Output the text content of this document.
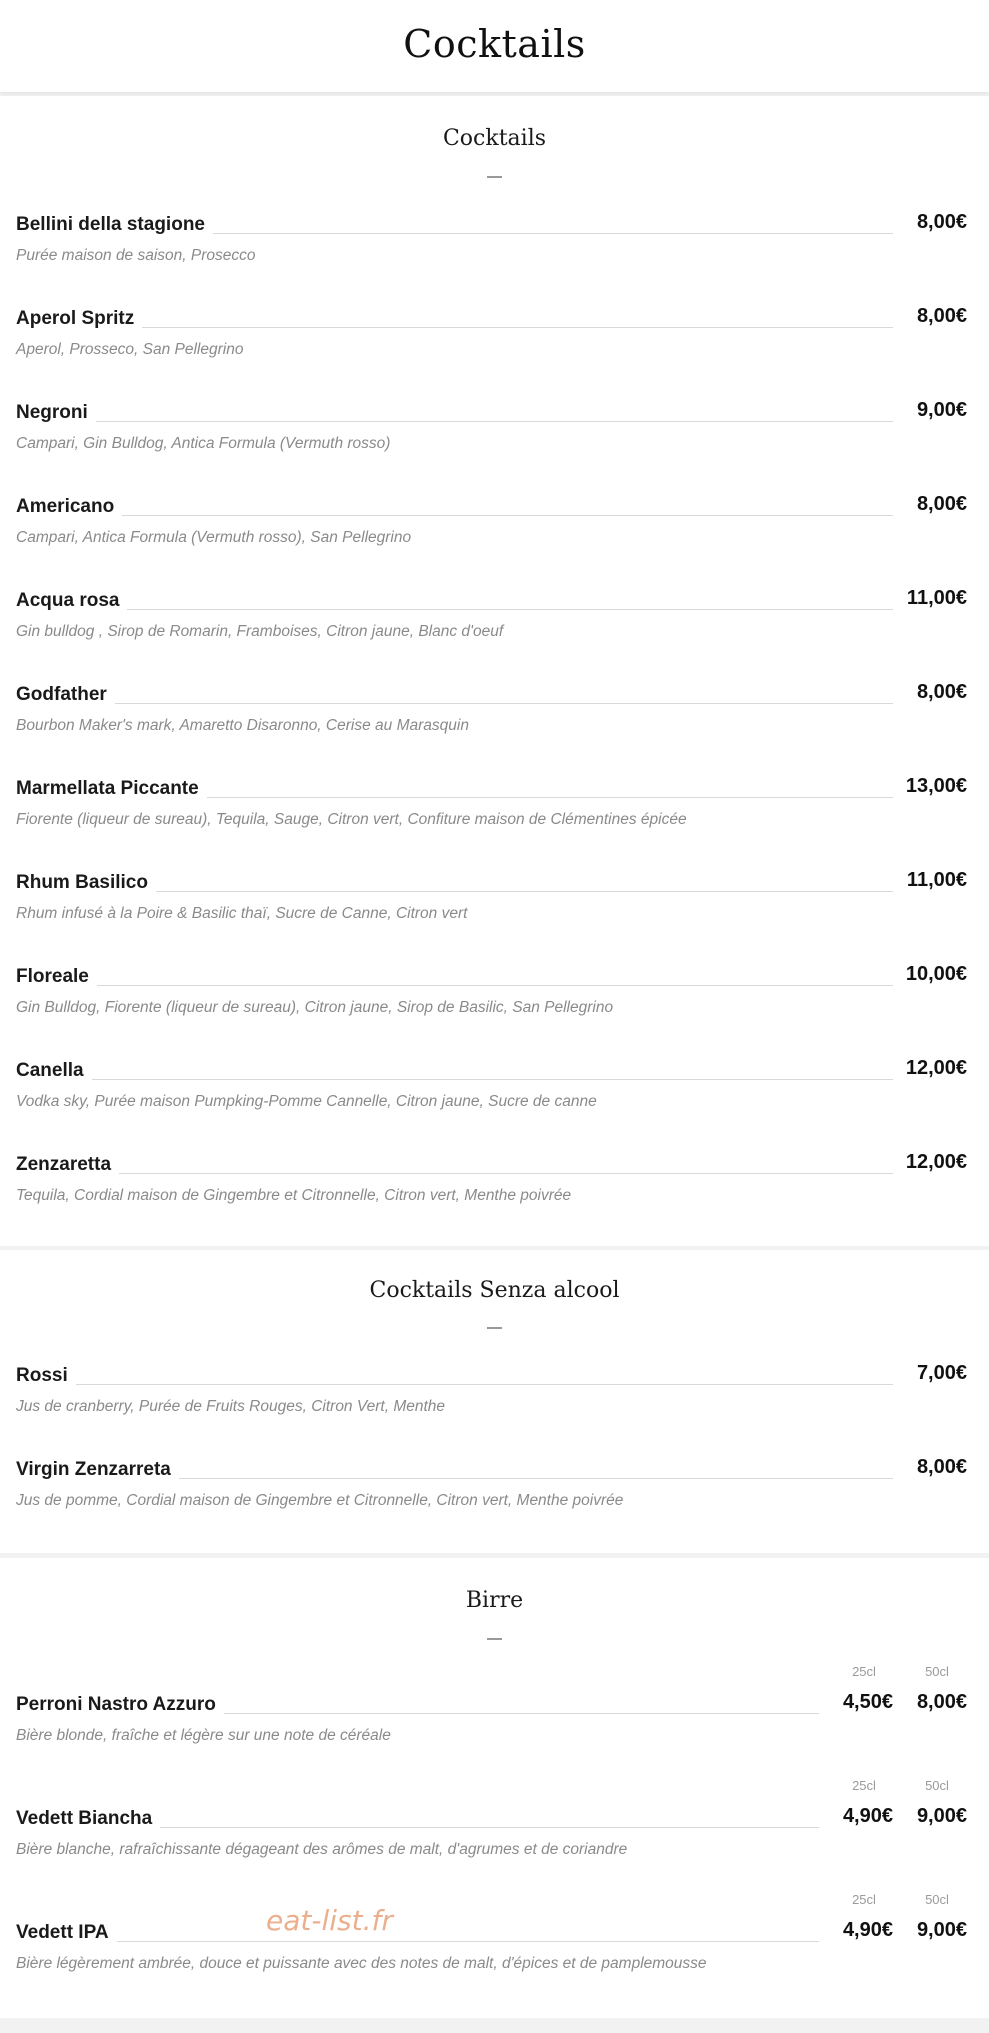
Cocktails
Cocktails
Bellini della stagione	8,00€
Purée maison de saison, Prosecco
Aperol Spritz	8,00€
Aperol, Prosseco, San Pellegrino
Negroni	9,00€
Campari, Gin Bulldog, Antica Formula (Vermuth rosso)
Americano	8,00€
Campari, Antica Formula (Vermuth rosso), San Pellegrino
Acqua rosa	11,00€
Gin bulldog , Sirop de Romarin, Framboises, Citron jaune, Blanc d'oeuf
Godfather	8,00€
Bourbon Maker's mark, Amaretto Disaronno, Cerise au Marasquin
Marmellata Piccante	13,00€
Fiorente (liqueur de sureau), Tequila, Sauge, Citron vert, Confiture maison de Clémentines épicée
Rhum Basilico	11,00€
Rhum infusé à la Poire & Basilic thaï, Sucre de Canne, Citron vert
Floreale	10,00€
Gin Bulldog, Fiorente (liqueur de sureau), Citron jaune, Sirop de Basilic, San Pellegrino
Canella	12,00€
Vodka sky, Purée maison Pumpking-Pomme Cannelle, Citron jaune, Sucre de canne
Zenzaretta	12,00€
Tequila, Cordial maison de Gingembre et Citronnelle, Citron vert, Menthe poivrée
Cocktails Senza alcool
Rossi	7,00€
Jus de cranberry, Purée de Fruits Rouges, Citron Vert, Menthe
Virgin Zenzarreta	8,00€
Jus de pomme, Cordial maison de Gingembre et Citronnelle, Citron vert, Menthe poivrée
Birre
25cl	50cl
Perroni Nastro Azzuro	4,50€ 8,00€
Bière blonde, fraîche et légère sur une note de céréale
25cl	50cl
Vedett Biancha	4,90€ 9,00€
Bière blanche, rafraîchissante dégageant des arômes de malt, d'agrumes et de coriandre
25cl	50cl
Vedett IPA	4,90€ 9,00€
Bière légèrement ambrée, douce et puissante avec des notes de malt, d'épices et de pamplemousse
eat-list.fr
